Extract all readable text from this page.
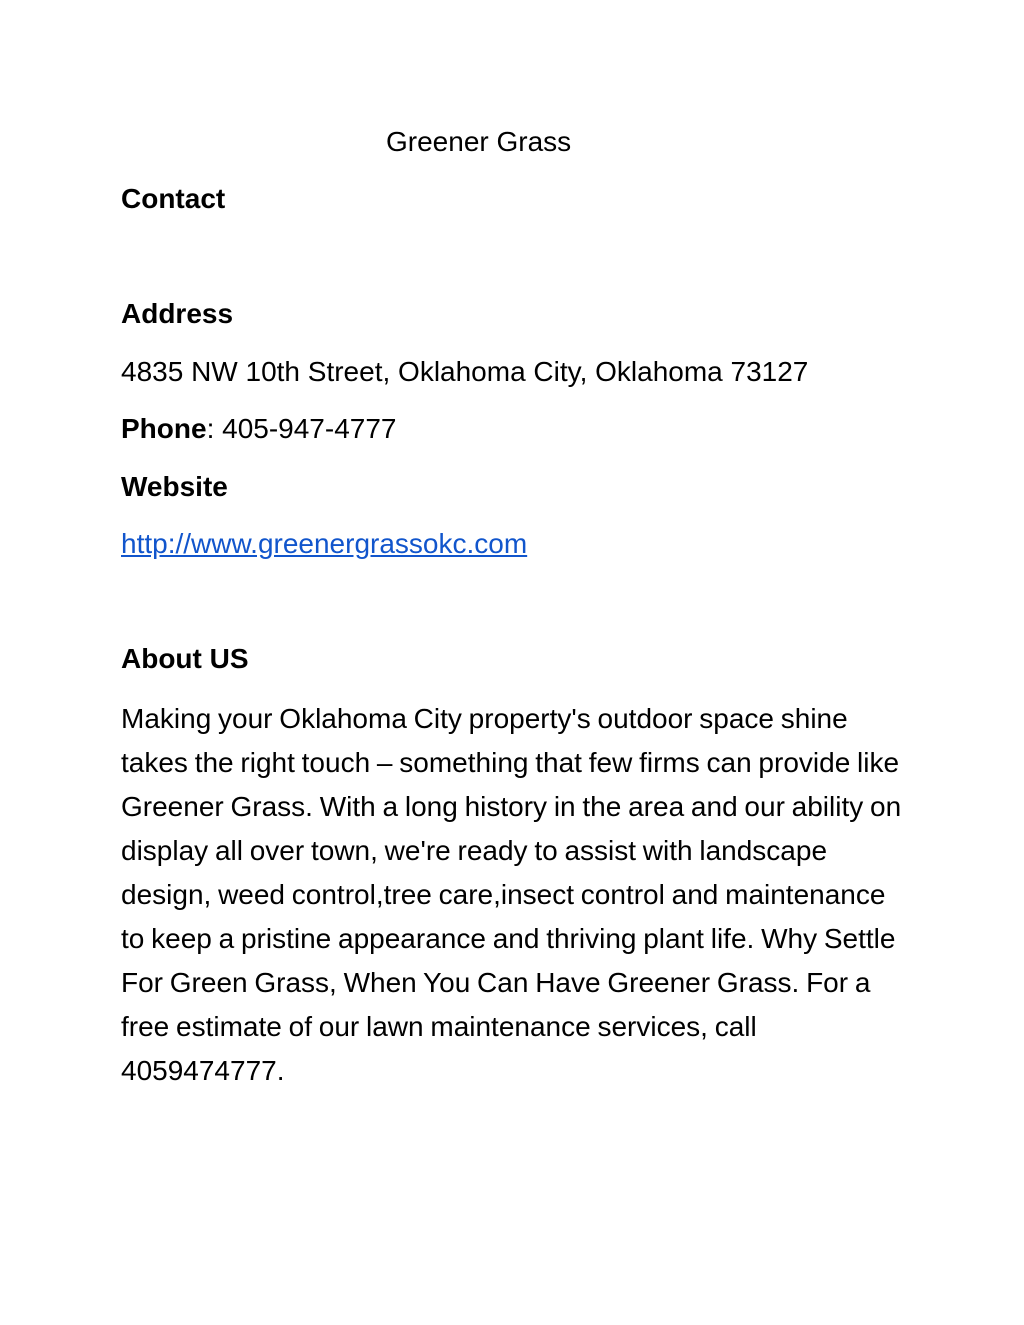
Greener Grass
Contact
Address
4835 NW 10th Street, Oklahoma City, Oklahoma 73127
Phone: 405-947-4777
Website
http://www.greenergrassokc.com
About US
Making your Oklahoma City property's outdoor space shine takes the right touch – something that few firms can provide like Greener Grass. With a long history in the area and our ability on display all over town, we're ready to assist with landscape design, weed control,tree care,insect control and maintenance to keep a pristine appearance and thriving plant life. Why Settle For Green Grass, When You Can Have Greener Grass. For a free estimate of our lawn maintenance services, call 4059474777.
